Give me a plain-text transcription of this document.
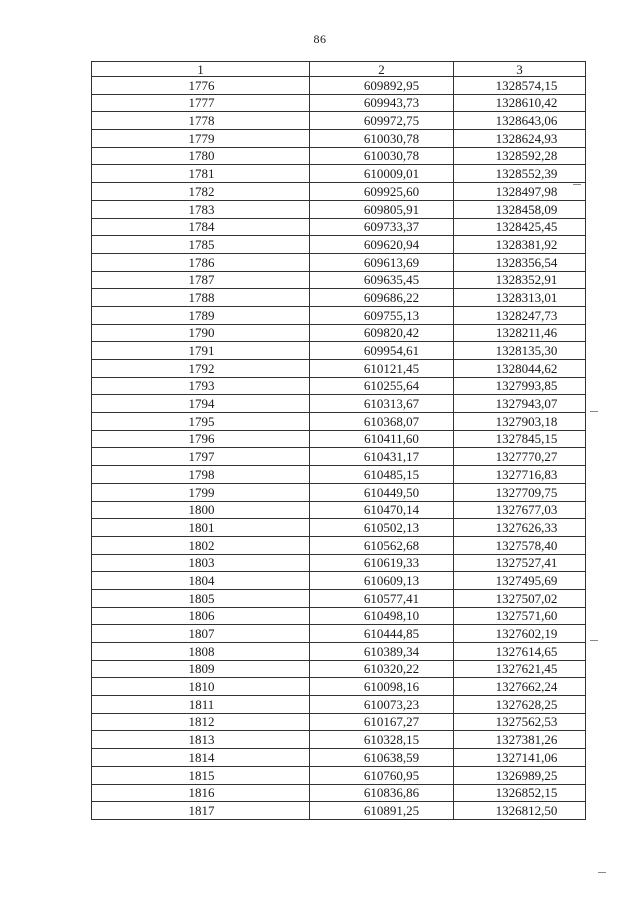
86
1	2	3
1776	609892,95	1328574,15
1777	609943,73	1328610,42
1778	609972,75	1328643,06
1779	610030,78	1328624,93
1780	610030,78	1328592,28
1781	610009,01	1328552,39
1782	609925,60	1328497,98
1783	609805,91	1328458,09
1784	609733,37	1328425,45
1785	609620,94	1328381,92
1786	609613,69	1328356,54
1787	609635,45	1328352,91
1788	609686,22	1328313,01
1789	609755,13	1328247,73
1790	609820,42	1328211,46
1791	609954,61	1328135,30
1792	610121,45	1328044,62
1793	610255,64	1327993,85
1794	610313,67	1327943,07
1795	610368,07	1327903,18
1796	610411,60	1327845,15
1797	610431,17	1327770,27
1798	610485,15	1327716,83
1799	610449,50	1327709,75
1800	610470,14	1327677,03
1801	610502,13	1327626,33
1802	610562,68	1327578,40
1803	610619,33	1327527,41
1804	610609,13	1327495,69
1805	610577,41	1327507,02
1806	610498,10	1327571,60
1807	610444,85	1327602,19
1808	610389,34	1327614,65
1809	610320,22	1327621,45
1810	610098,16	1327662,24
1811	610073,23	1327628,25
1812	610167,27	1327562,53
1813	610328,15	1327381,26
1814	610638,59	1327141,06
1815	610760,95	1326989,25
1816	610836,86	1326852,15
1817	610891,25	1326812,50
